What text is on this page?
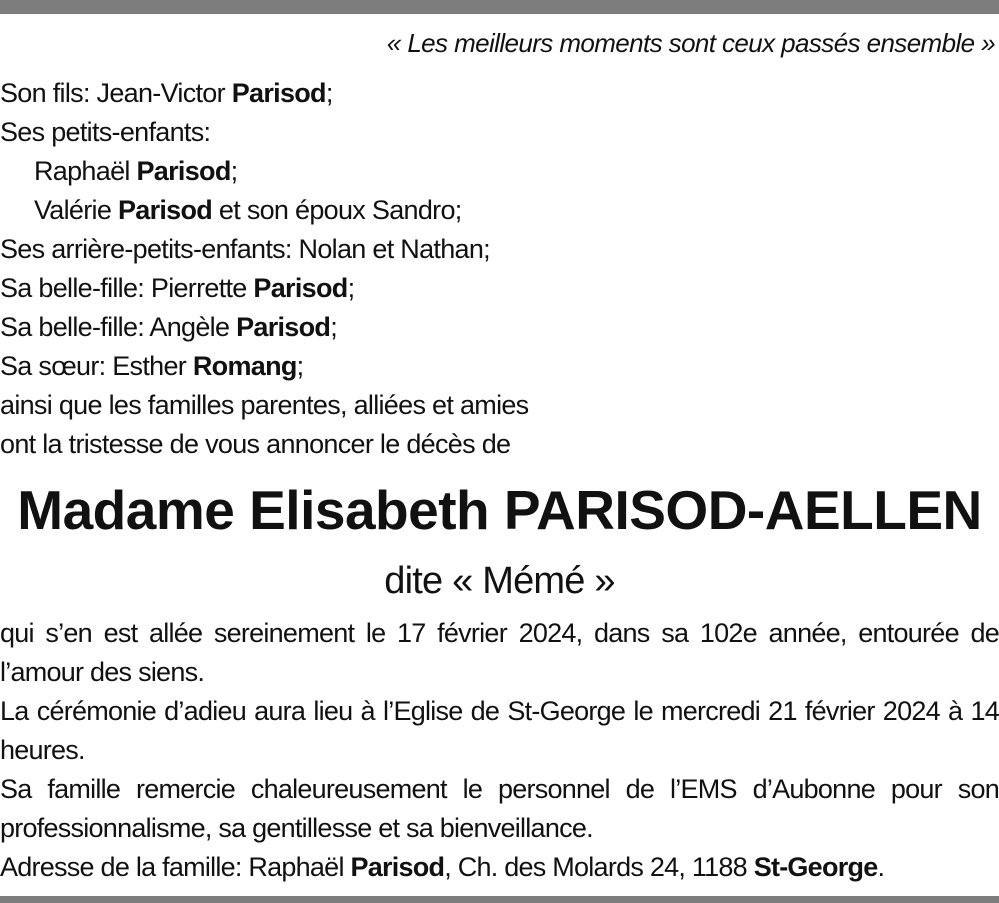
« Les meilleurs moments sont ceux passés ensemble »
Son fils: Jean-Victor Parisod;
Ses petits-enfants:
Raphaël Parisod;
Valérie Parisod et son époux Sandro;
Ses arrière-petits-enfants: Nolan et Nathan;
Sa belle-fille: Pierrette Parisod;
Sa belle-fille: Angèle Parisod;
Sa sœur: Esther Romang;
ainsi que les familles parentes, alliées et amies
ont la tristesse de vous annoncer le décès de
Madame Elisabeth PARISOD-AELLEN
dite « Mémé »

qui s’en est allée sereinement le 17 février 2024, dans sa 102e année, entourée de l’amour des siens.

La cérémonie d’adieu aura lieu à l’Eglise de St-George le mercredi 21 février 2024 à 14 heures.

Sa famille remercie chaleureusement le personnel de l’EMS d’Aubonne pour son professionnalisme, sa gentillesse et sa bienveillance.

Adresse de la famille: Raphaël Parisod, Ch. des Molards 24, 1188 St-George.
